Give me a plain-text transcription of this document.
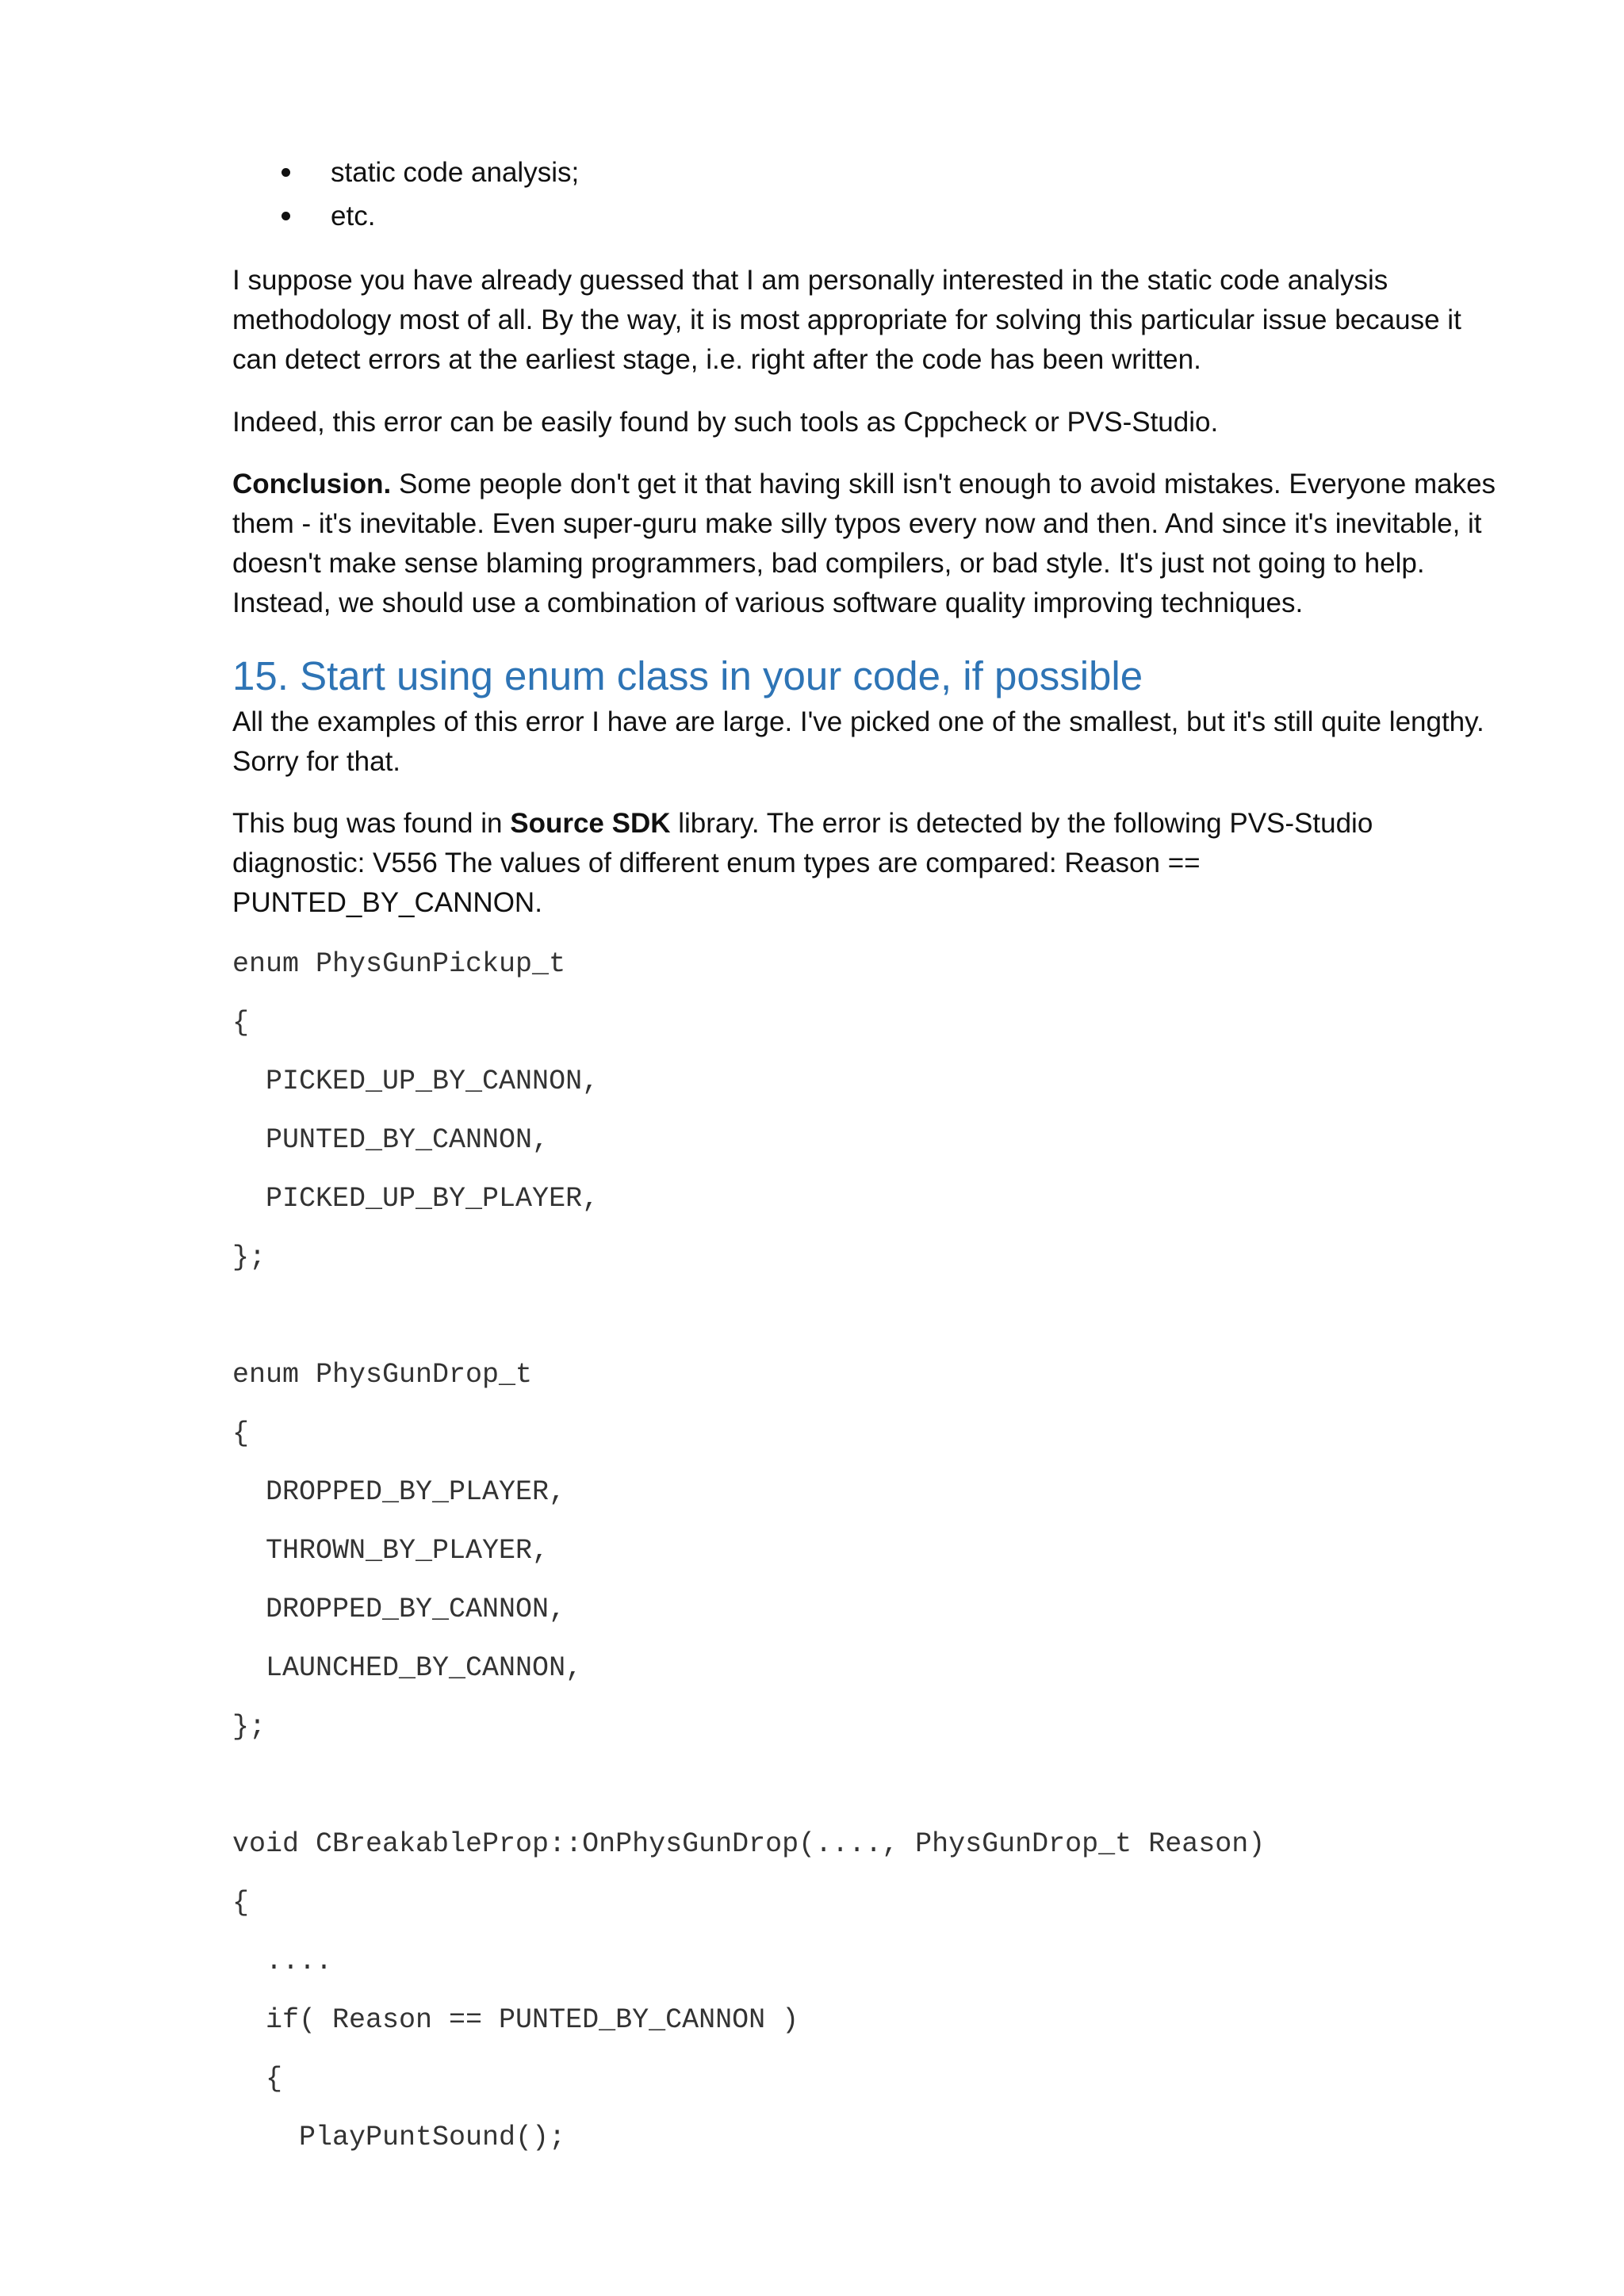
static code analysis;
etc.

I suppose you have already guessed that I am personally interested in the static code analysis methodology most of all. By the way, it is most appropriate for solving this particular issue because it can detect errors at the earliest stage, i.e. right after the code has been written.

Indeed, this error can be easily found by such tools as Cppcheck or PVS-Studio.

Conclusion. Some people don't get it that having skill isn't enough to avoid mistakes. Everyone makes them - it's inevitable. Even super-guru make silly typos every now and then. And since it's inevitable, it doesn't make sense blaming programmers, bad compilers, or bad style. It's just not going to help. Instead, we should use a combination of various software quality improving techniques.

15. Start using enum class in your code, if possible

All the examples of this error I have are large. I've picked one of the smallest, but it's still quite lengthy. Sorry for that.

This bug was found in Source SDK library. The error is detected by the following PVS-Studio diagnostic: V556 The values of different enum types are compared: Reason == PUNTED_BY_CANNON.

enum PhysGunPickup_t
{
PICKED_UP_BY_CANNON,
PUNTED_BY_CANNON,
PICKED_UP_BY_PLAYER,
};
enum PhysGunDrop_t
{
DROPPED_BY_PLAYER,
THROWN_BY_PLAYER,
DROPPED_BY_CANNON,
LAUNCHED_BY_CANNON,
};
void CBreakableProp::OnPhysGunDrop(...., PhysGunDrop_t Reason)
{
....
if( Reason == PUNTED_BY_CANNON )
{
PlayPuntSound();
